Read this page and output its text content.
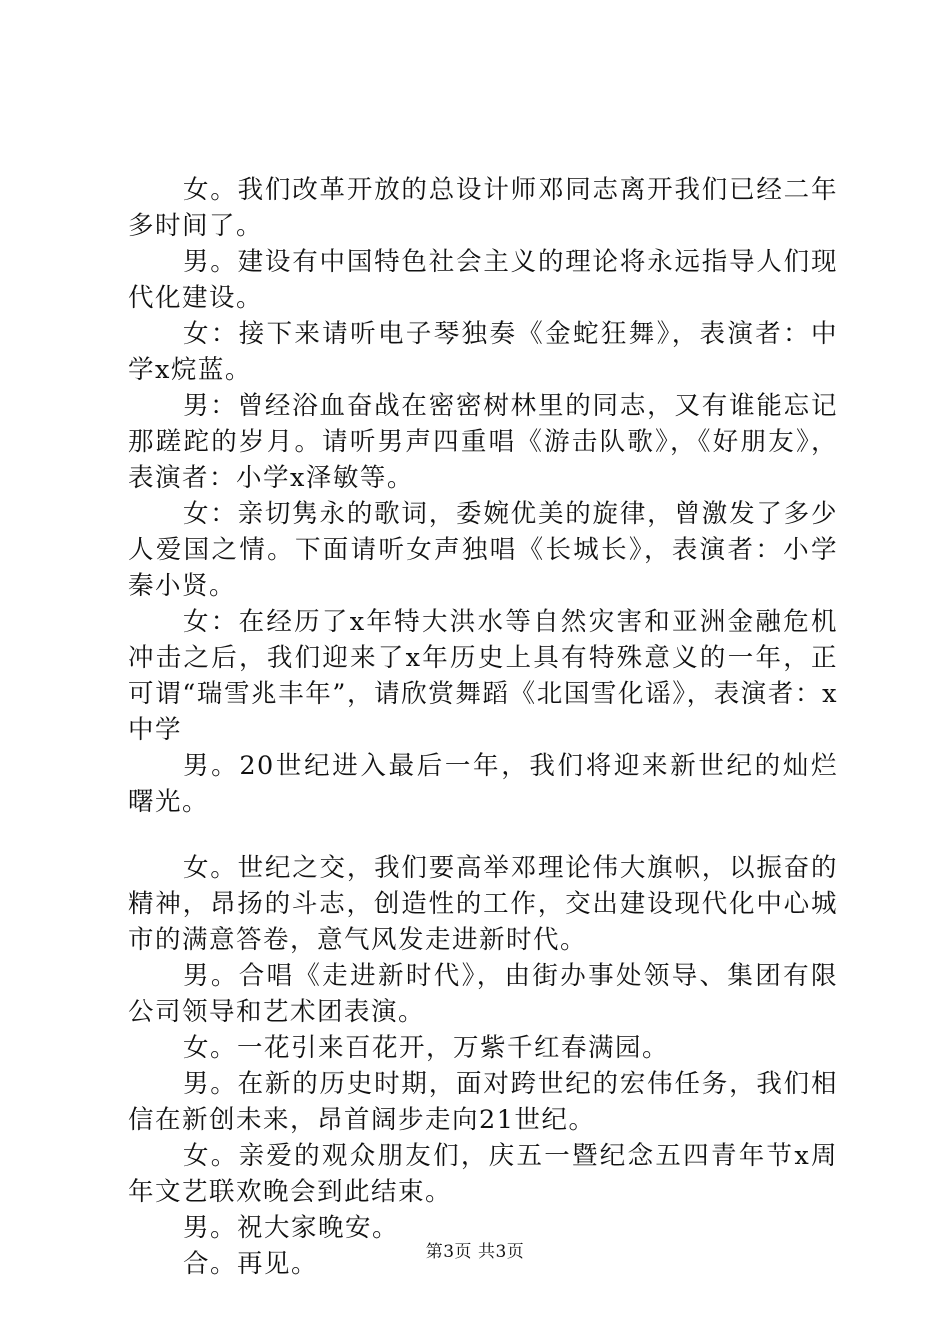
女。我们改革开放的总设计师邓同志离开我们已经二年多时间了。

男。建设有中国特色社会主义的理论将永远指导人们现代化建设。

女：接下来请听电子琴独奏《金蛇狂舞》，表演者：中学x烷蓝。

男：曾经浴血奋战在密密树林里的同志，又有谁能忘记那蹉跎的岁月。请听男声四重唱《游击队歌》，《好朋友》，表演者：小学x泽敏等。

女：亲切隽永的歌词，委婉优美的旋律，曾激发了多少人爱国之情。下面请听女声独唱《长城长》，表演者：小学秦小贤。

女：在经历了x年特大洪水等自然灾害和亚洲金融危机冲击之后，我们迎来了x年历史上具有特殊意义的一年，正可谓“瑞雪兆丰年”，请欣赏舞蹈《北国雪化谣》，表演者：x中学

男。20世纪进入最后一年，我们将迎来新世纪的灿烂曙光。

女。世纪之交，我们要高举邓理论伟大旗帜，以振奋的精神，昂扬的斗志，创造性的工作，交出建设现代化中心城市的满意答卷，意气风发走进新时代。

男。合唱《走进新时代》，由街办事处领导、集团有限公司领导和艺术团表演。

女。一花引来百花开，万紫千红春满园。

男。在新的历史时期，面对跨世纪的宏伟任务，我们相信在新创未来，昂首阔步走向21世纪。

女。亲爱的观众朋友们，庆五一暨纪念五四青年节x周年文艺联欢晚会到此结束。

男。祝大家晚安。

合。再见。	第3页 共3页
